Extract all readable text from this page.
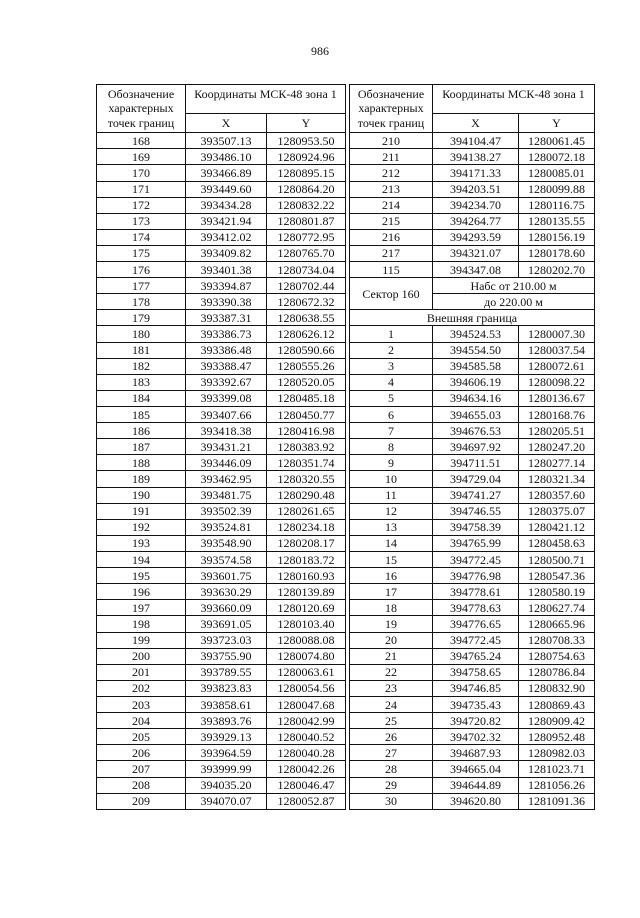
986
Обозначение характерных точек границ	Координаты МСК-48 зона 1	
	X	Y
168	393507.13	1280953.50
169	393486.10	1280924.96
170	393466.89	1280895.15
171	393449.60	1280864.20
172	393434.28	1280832.22
173	393421.94	1280801.87
174	393412.02	1280772.95
175	393409.82	1280765.70
176	393401.38	1280734.04
177	393394.87	1280702.44
178	393390.38	1280672.32
179	393387.31	1280638.55
180	393386.73	1280626.12
181	393386.48	1280590.66
182	393388.47	1280555.26
183	393392.67	1280520.05
184	393399.08	1280485.18
185	393407.66	1280450.77
186	393418.38	1280416.98
187	393431.21	1280383.92
188	393446.09	1280351.74
189	393462.95	1280320.55
190	393481.75	1280290.48
191	393502.39	1280261.65
192	393524.81	1280234.18
193	393548.90	1280208.17
194	393574.58	1280183.72
195	393601.75	1280160.93
196	393630.29	1280139.89
197	393660.09	1280120.69
198	393691.05	1280103.40
199	393723.03	1280088.08
200	393755.90	1280074.80
201	393789.55	1280063.61
202	393823.83	1280054.56
203	393858.61	1280047.68
204	393893.76	1280042.99
205	393929.13	1280040.52
206	393964.59	1280040.28
207	393999.99	1280042.26
208	394035.20	1280046.47
209	394070.07	1280052.87
Обозначение характерных точек границ	Координаты МСК-48 зона 1	
	X	Y
210	394104.47	1280061.45
211	394138.27	1280072.18
212	394171.33	1280085.01
213	394203.51	1280099.88
214	394234.70	1280116.75
215	394264.77	1280135.55
216	394293.59	1280156.19
217	394321.07	1280178.60
115	394347.08	1280202.70
Сектор 160	Набс от 210.00 м	
	до 220.00 м	
Внешняя граница		
1	394524.53	1280007.30
2	394554.50	1280037.54
3	394585.58	1280072.61
4	394606.19	1280098.22
5	394634.16	1280136.67
6	394655.03	1280168.76
7	394676.53	1280205.51
8	394697.92	1280247.20
9	394711.51	1280277.14
10	394729.04	1280321.34
11	394741.27	1280357.60
12	394746.55	1280375.07
13	394758.39	1280421.12
14	394765.99	1280458.63
15	394772.45	1280500.71
16	394776.98	1280547.36
17	394778.61	1280580.19
18	394778.63	1280627.74
19	394776.65	1280665.96
20	394772.45	1280708.33
21	394765.24	1280754.63
22	394758.65	1280786.84
23	394746.85	1280832.90
24	394735.43	1280869.43
25	394720.82	1280909.42
26	394702.32	1280952.48
27	394687.93	1280982.03
28	394665.04	1281023.71
29	394644.89	1281056.26
30	394620.80	1281091.36
